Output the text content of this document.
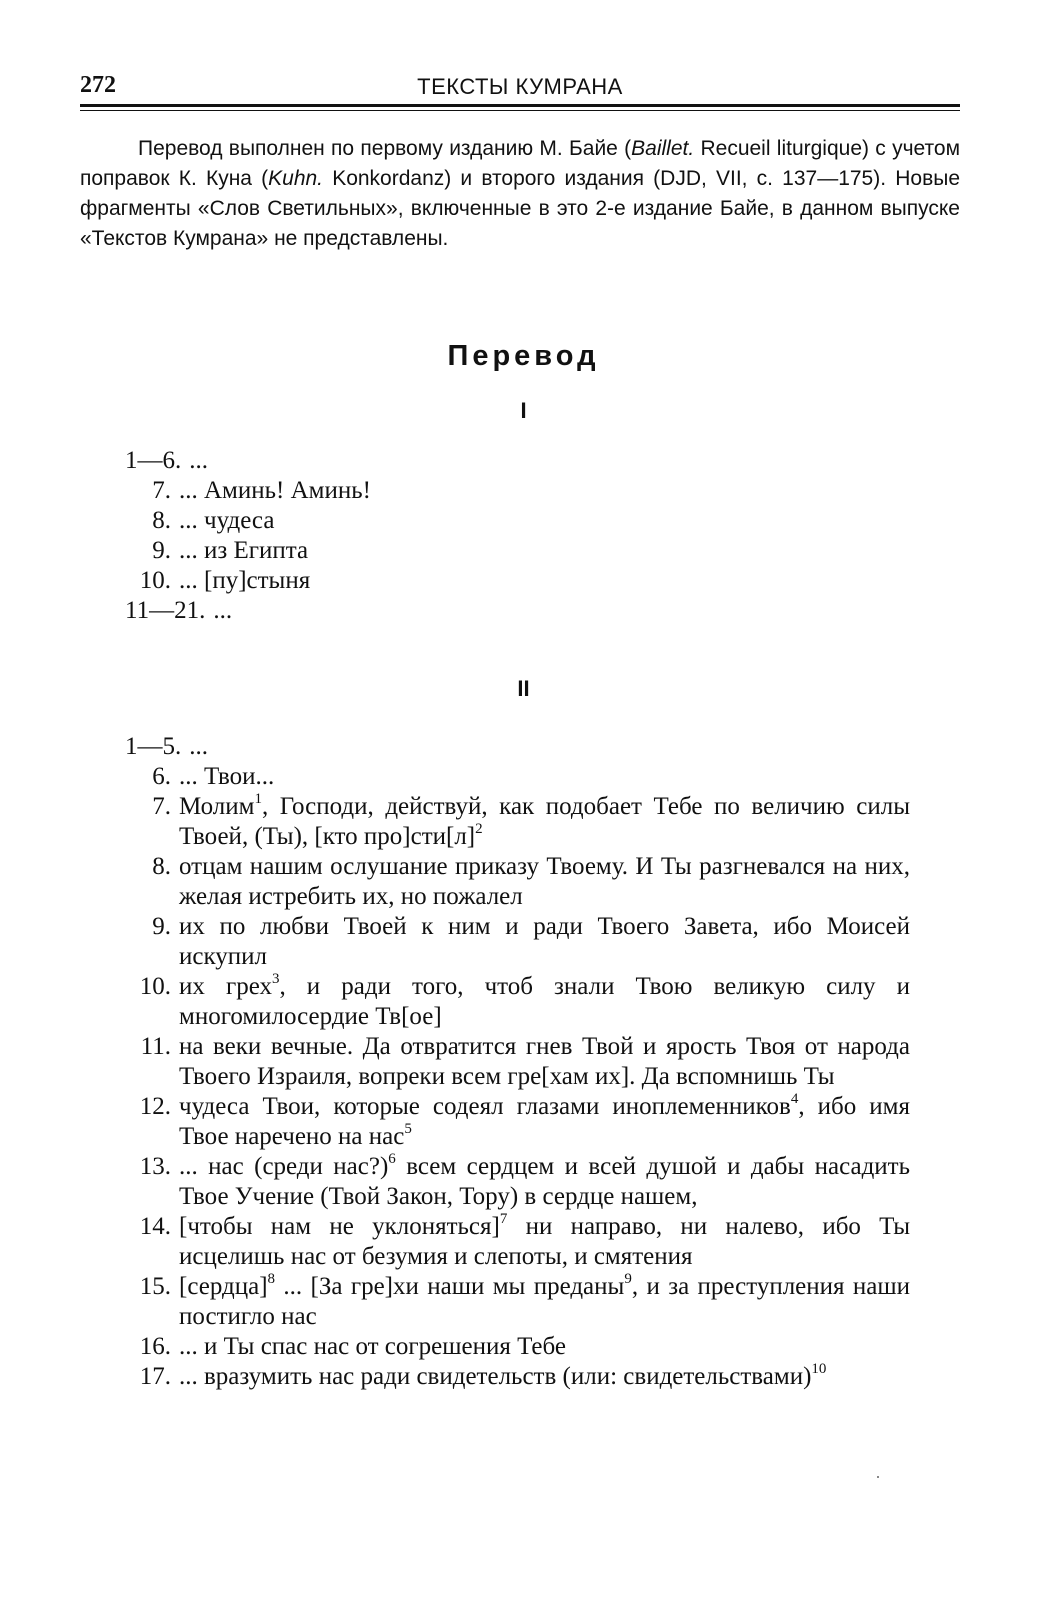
272	ТЕКСТЫ КУМРАНА

Перевод выполнен по первому изданию М. Байе (Baillet. Recueil liturgique) с учетом поправок К. Куна (Kuhn. Konkordanz) и второго издания (DJD, VII, с. 137—175). Новые фрагменты «Слов Светильных», включенные в это 2-е издание Байе, в данном выпуске «Текстов Кумрана» не представлены.

Перевод
I
1—6. ...
7. ... Аминь! Аминь!
8. ... чудеса
9. ... из Египта
10. ... [пу]стыня
11—21. ...
II
1—5. ...
6. ... Твои...
7. Молим$^1$, Господи, действуй, как подобает Тебе по величию силы Твоей, (Ты), [кто $про]сти[л]^2$
8. отцам нашим ослушание приказу Твоему. И Ты разгневался на них, желая истребить их, но пожалел
9. их по любви Твоей к ним и ради Твоего Завета, ибо Моисей искупил
10. их грех$^3$, и ради того, чтоб знали Твою великую силу и многомилосердие Тв[ое]
11. на веки вечные. Да отвратится гнев Твой и ярость Твоя от народа Твоего Израиля, вопреки всем гре[хам их]. Да вспомнишь Ты
12. чудеса Твои, которые содеял глазами иноплеменников$^4$, ибо имя Твое наречено на нас$^5$
13. ... нас (среди нас?)$^6$ всем сердцем и всей душой и дабы насадить Твое Учение (Твой Закон, Тору) в сердце нашем,
14. [чтобы нам не уклоняться]$^7$ ни направо, ни налево, ибо Ты исцелишь нас от безумия и слепоты, и смятения
15. [сердца]$^8$ ... [За гре]хи наши мы преданы$^9$, и за преступления наши постигло нас
16. ... и Ты спас нас от согрешения Тебе
17. ... вразумить нас ради свидетельств (или: свидетельствами)$^{10}$
